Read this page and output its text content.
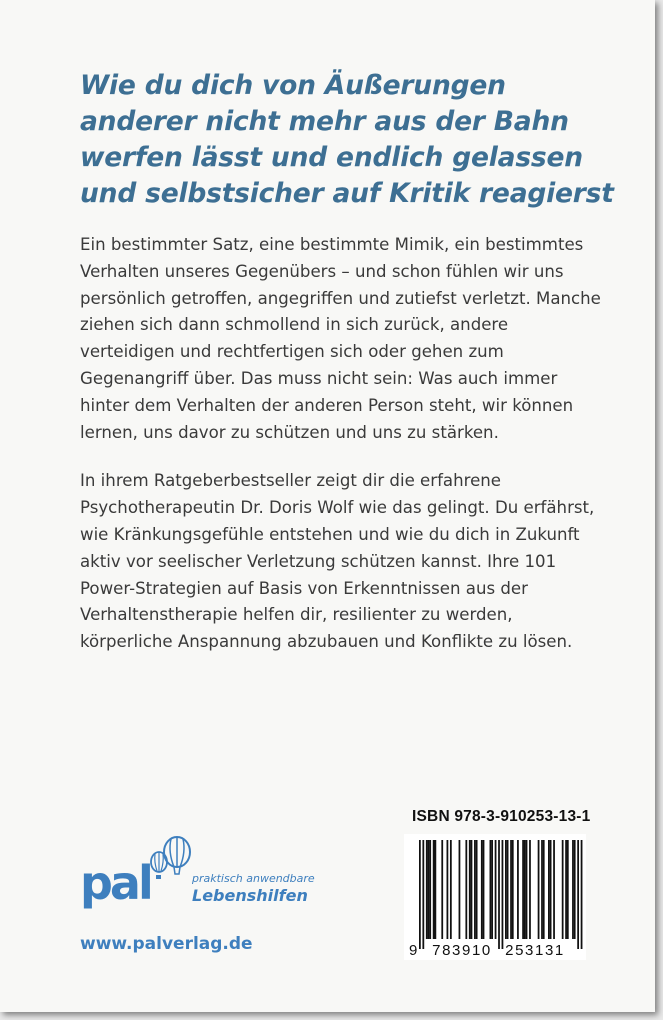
Wie du dich von Äußerungen anderer nicht mehr aus der Bahn werfen lässt und endlich gelassen und selbstsicher auf Kritik reagierst

Ein bestimmter Satz, eine bestimmte Mimik, ein bestimmtes Verhalten unseres Gegenübers – und schon fühlen wir uns persönlich getroffen, angegriffen und zutiefst verletzt. Manche ziehen sich dann schmollend in sich zurück, andere verteidigen und rechtfertigen sich oder gehen zum Gegenangriff über. Das muss nicht sein: Was auch immer hinter dem Verhalten der anderen Person steht, wir können lernen, uns davor zu schützen und uns zu stärken.

In ihrem Ratgeberbestseller zeigt dir die erfahrene Psychotherapeutin Dr. Doris Wolf wie das gelingt. Du erfährst, wie Kränkungsgefühle entstehen und wie du dich in Zukunft aktiv vor seelischer Verletzung schützen kannst. Ihre 101 Power-Strategien auf Basis von Erkenntnissen aus der Verhaltenstherapie helfen dir, resilienter zu werden, körperliche Anspannung abzubauen und Konflikte zu lösen.

ISBN 978-3-910253-13-1
9 783910 253131
pal	praktisch anwendbare
Lebenshilfen
www.palverlag.de
